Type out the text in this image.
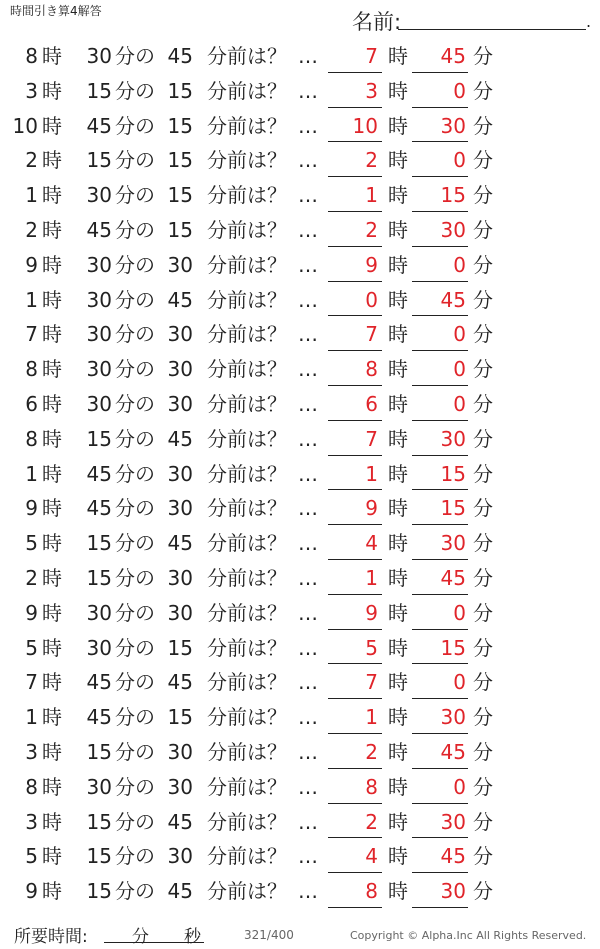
時間引き算4解答	名前:	.
8 時	30 分の 45 分前は？ …	7 時	45 分
3 時	15 分の 15 分前は？ …	3 時	0 分
10 時	45 分の 15 分前は？ …	10 時	30 分
2 時	15 分の 15 分前は？ …	2 時	0 分
1 時	30 分の 15 分前は？ …	1 時	15 分
2 時	45 分の 15 分前は？ …	2 時	30 分
9 時	30 分の 30 分前は？ …	9 時	0 分
1 時	30 分の 45 分前は？ …	0 時	45 分
7 時	30 分の 30 分前は？ …	7 時	0 分
8 時	30 分の 30 分前は？ …	8 時	0 分
6 時	30 分の 30 分前は？ …	6 時	0 分
8 時	15 分の 45 分前は？ …	7 時	30 分
1 時	45 分の 30 分前は？ …	1 時	15 分
9 時	45 分の 30 分前は？ …	9 時	15 分
5 時	15 分の 45 分前は？ …	4 時	30 分
2 時	15 分の 30 分前は？ …	1 時	45 分
9 時	30 分の 30 分前は？ …	9 時	0 分
5 時	30 分の 15 分前は？ …	5 時	15 分
7 時	45 分の 45 分前は？ …	7 時	0 分
1 時	45 分の 15 分前は？ …	1 時	30 分
3 時	15 分の 30 分前は？ …	2 時	45 分
8 時	30 分の 30 分前は？ …	8 時	0 分
3 時	15 分の 45 分前は？ …	2 時	30 分
5 時	15 分の 30 分前は？ …	4 時	45 分
9 時	15 分の 45 分前は？ …	8 時	30 分
所要時間:	分 秒	321/400	Copyright © Alpha.Inc All Rights Reserved.
